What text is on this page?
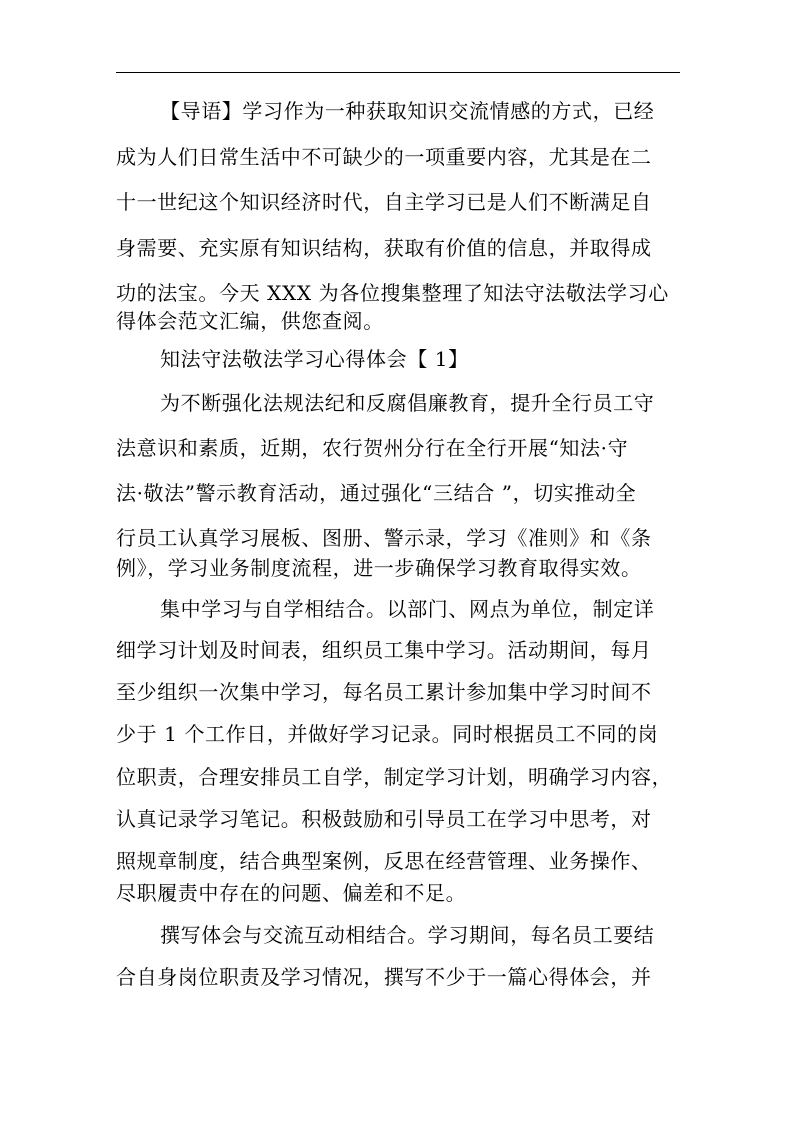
【导语】学习作为一种获取知识交流情感的方式，已经
成为人们日常生活中不可缺少的一项重要内容，尤其是在二
十一世纪这个知识经济时代，自主学习已是人们不断满足自
身需要、充实原有知识结构，获取有价值的信息，并取得成
功的法宝。今天 XXX 为各位搜集整理了知法守法敬法学习心
得体会范文汇编，供您查阅。
知法守法敬法学习心得体会【 1】
为不断强化法规法纪和反腐倡廉教育，提升全行员工守
法意识和素质，近期，农行贺州分行在全行开展“知法·守
法·敬法”警示教育活动，通过强化“三结合 ”，切实推动全
行员工认真学习展板、图册、警示录，学习《准则》和《条
例》，学习业务制度流程，进一步确保学习教育取得实效。
集中学习与自学相结合。以部门、网点为单位，制定详
细学习计划及时间表，组织员工集中学习。活动期间，每月
至少组织一次集中学习，每名员工累计参加集中学习时间不
少于 1 个工作日，并做好学习记录。同时根据员工不同的岗
位职责，合理安排员工自学，制定学习计划，明确学习内容，
认真记录学习笔记。积极鼓励和引导员工在学习中思考，对
照规章制度，结合典型案例，反思在经营管理、业务操作、
尽职履责中存在的问题、偏差和不足。
撰写体会与交流互动相结合。学习期间，每名员工要结
合自身岗位职责及学习情况，撰写不少于一篇心得体会，并
